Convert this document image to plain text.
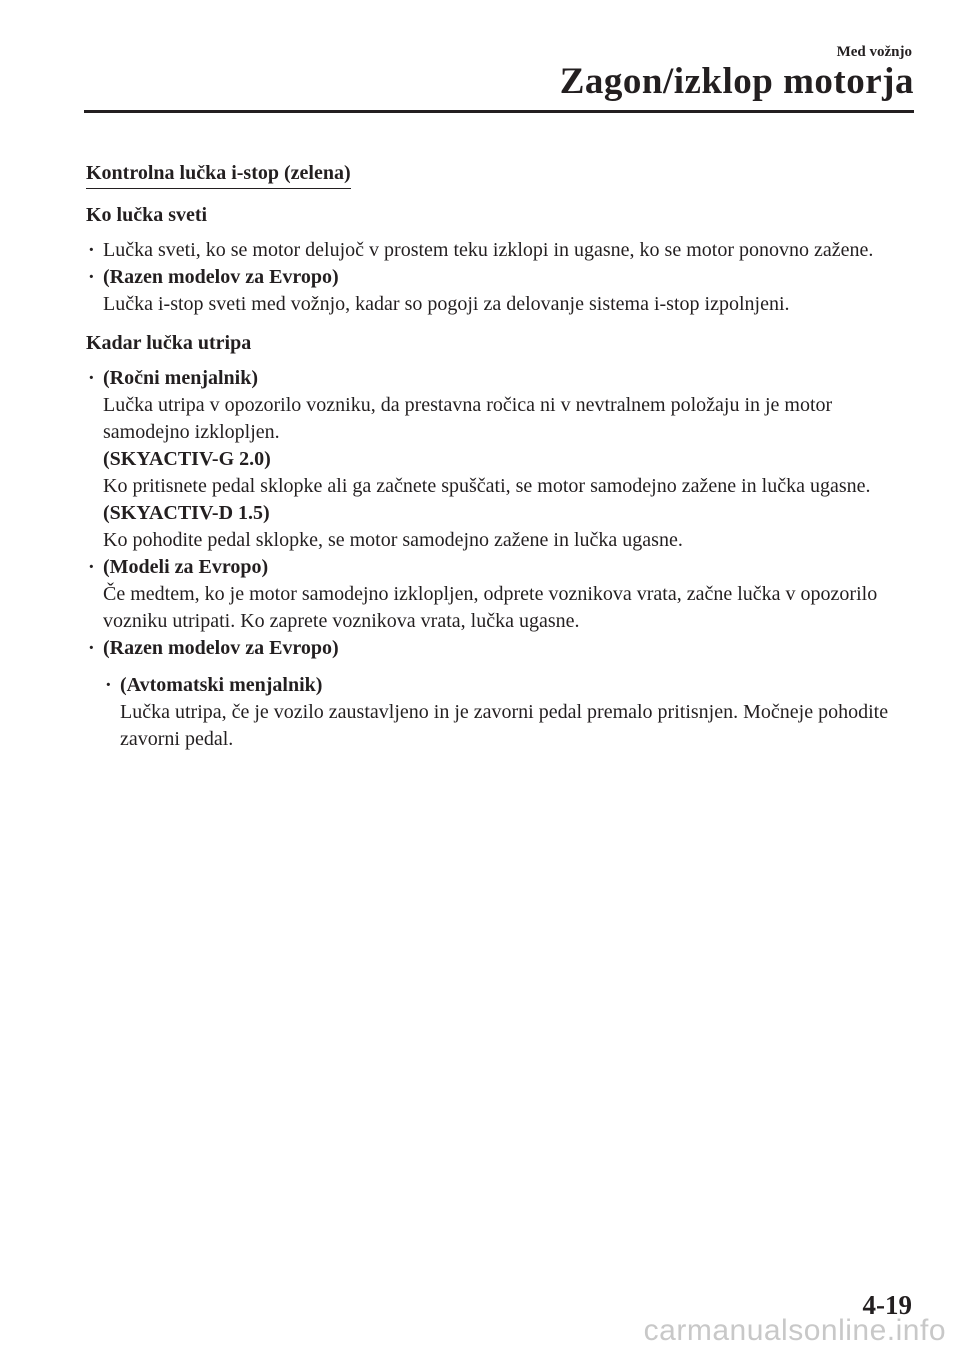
Med vožnjo
Zagon/izklop motorja
Kontrolna lučka i-stop (zelena)
Ko lučka sveti
· Lučka sveti, ko se motor delujoč v prostem teku izklopi in ugasne, ko se motor ponovno zažene.
· (Razen modelov za Evropo)
Lučka i-stop sveti med vožnjo, kadar so pogoji za delovanje sistema i-stop izpolnjeni.
Kadar lučka utripa
· (Ročni menjalnik)
Lučka utripa v opozorilo vozniku, da prestavna ročica ni v nevtralnem položaju in je motor samodejno izklopljen.
(SKYACTIV-G 2.0)
Ko pritisnete pedal sklopke ali ga začnete spuščati, se motor samodejno zažene in lučka ugasne.
(SKYACTIV-D 1.5)
Ko pohodite pedal sklopke, se motor samodejno zažene in lučka ugasne.
· (Modeli za Evropo)
Če medtem, ko je motor samodejno izklopljen, odprete voznikova vrata, začne lučka v opozorilo vozniku utripati. Ko zaprete voznikova vrata, lučka ugasne.
· (Razen modelov za Evropo)
· (Avtomatski menjalnik)
Lučka utripa, če je vozilo zaustavljeno in je zavorni pedal premalo pritisnjen. Močneje pohodite zavorni pedal.
4-19
carmanualsonline.info
